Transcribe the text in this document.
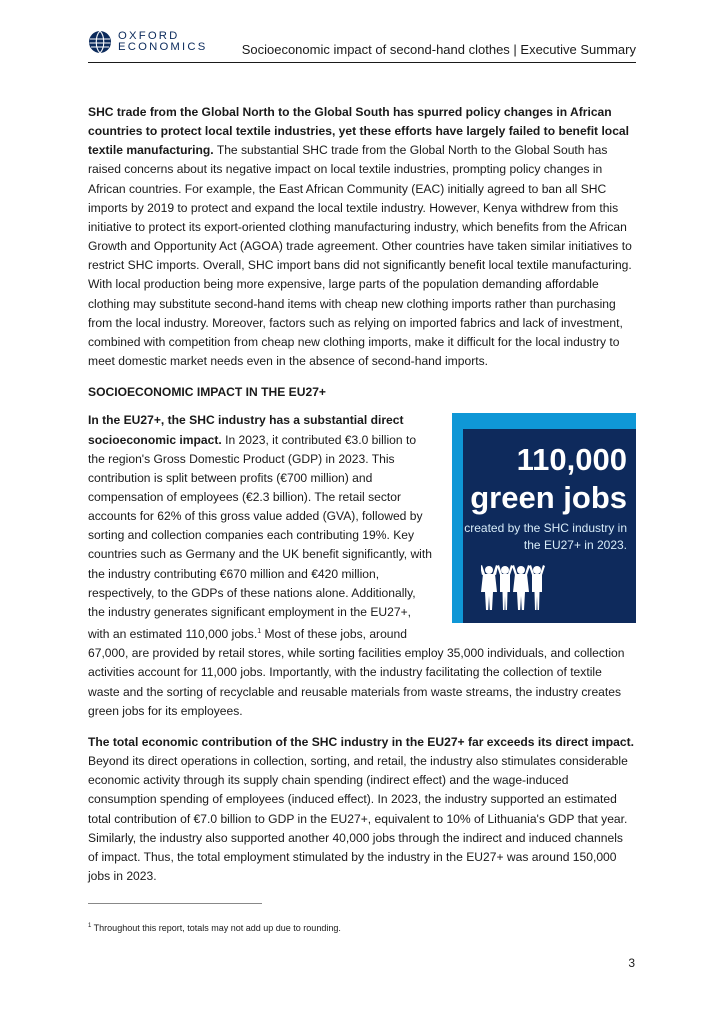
OXFORD
ECONOMICS	Socioeconomic impact of second-hand clothes | Executive Summary

SHC trade from the Global North to the Global South has spurred policy changes in African countries to protect local textile industries, yet these efforts have largely failed to benefit local textile manufacturing. The substantial SHC trade from the Global North to the Global South has raised concerns about its negative impact on local textile industries, prompting policy changes in African countries. For example, the East African Community (EAC) initially agreed to ban all SHC imports by 2019 to protect and expand the local textile industry. However, Kenya withdrew from this initiative to protect its export-oriented clothing manufacturing industry, which benefits from the African Growth and Opportunity Act (AGOA) trade agreement. Other countries have taken similar initiatives to restrict SHC imports. Overall, SHC import bans did not significantly benefit local textile manufacturing. With local production being more expensive, large parts of the population demanding affordable clothing may substitute second-hand items with cheap new clothing imports rather than purchasing from the local industry. Moreover, factors such as relying on imported fabrics and lack of investment, combined with competition from cheap new clothing imports, make it difficult for the local industry to meet domestic market needs even in the absence of second-hand imports.

SOCIOECONOMIC IMPACT IN THE EU27+
110,000
green jobs
created by the SHC industry in the EU27+ in 2023.

In the EU27+, the SHC industry has a substantial direct socioeconomic impact. In 2023, it contributed €3.0 billion to the region's Gross Domestic Product (GDP) in 2023. This contribution is split between profits (€700 million) and compensation of employees (€2.3 billion). The retail sector accounts for 62% of this gross value added (GVA), followed by sorting and collection companies each contributing 19%. Key countries such as Germany and the UK benefit significantly, with the industry contributing €670 million and €420 million, respectively, to the GDPs of these nations alone. Additionally, the industry generates significant employment in the EU27+, with an estimated 110,000 jobs.$^1$ Most of these jobs, around 67,000, are provided by retail stores, while sorting facilities employ 35,000 individuals, and collection activities account for 11,000 jobs. Importantly, with the industry facilitating the collection of textile waste and the sorting of recyclable and reusable materials from waste streams, the industry creates green jobs for its employees.

The total economic contribution of the SHC industry in the EU27+ far exceeds its direct impact. Beyond its direct operations in collection, sorting, and retail, the industry also stimulates considerable economic activity through its supply chain spending (indirect effect) and the wage-induced consumption spending of employees (induced effect). In 2023, the industry supported an estimated total contribution of €7.0 billion to GDP in the EU27+, equivalent to 10% of Lithuania's GDP that year. Similarly, the industry also supported another 40,000 jobs through the indirect and induced channels of impact. Thus, the total employment stimulated by the industry in the EU27+ was around 150,000 jobs in 2023.

$^1$ Throughout this report, totals may not add up due to rounding.
3
